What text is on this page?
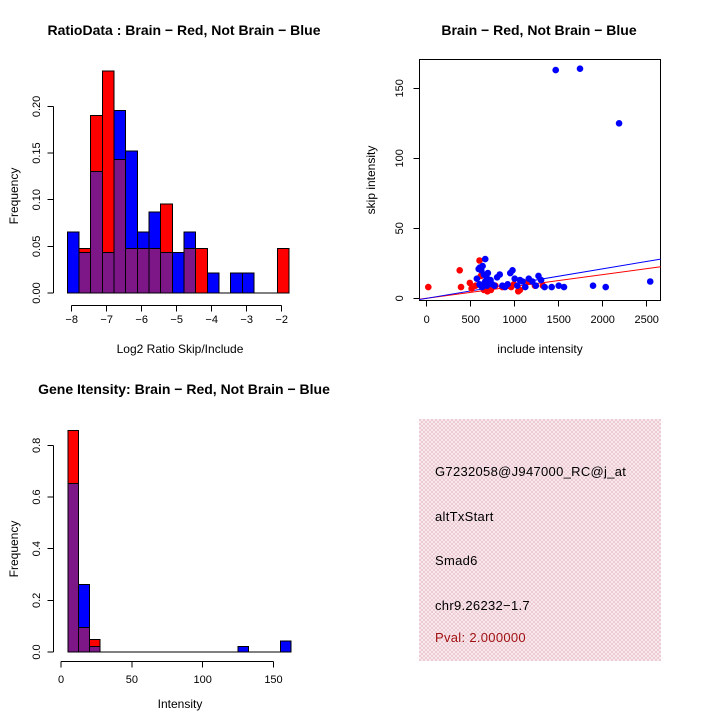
−8 −7 −6 −5 −4 −3 −2
0.00
0.05
0.10
0.15
0.20
0	500 1000 1500 2000 2500
0
50
100
150
0	50	100	150
0.0
0.2
0.4
0.6
0.8
RatioData : Brain − Red, Not Brain − Blue	Brain − Red, Not Brain − Blue
Gene Itensity: Brain − Red, Not Brain − Blue
Log2 Ratio Skip/Include	include intensity
Intensity
Frequency	skip intensity
Frequency
G7232058@J947000_RC@j_at
altTxStart
Smad6
chr9.26232−1.7
Pval: 2.000000
